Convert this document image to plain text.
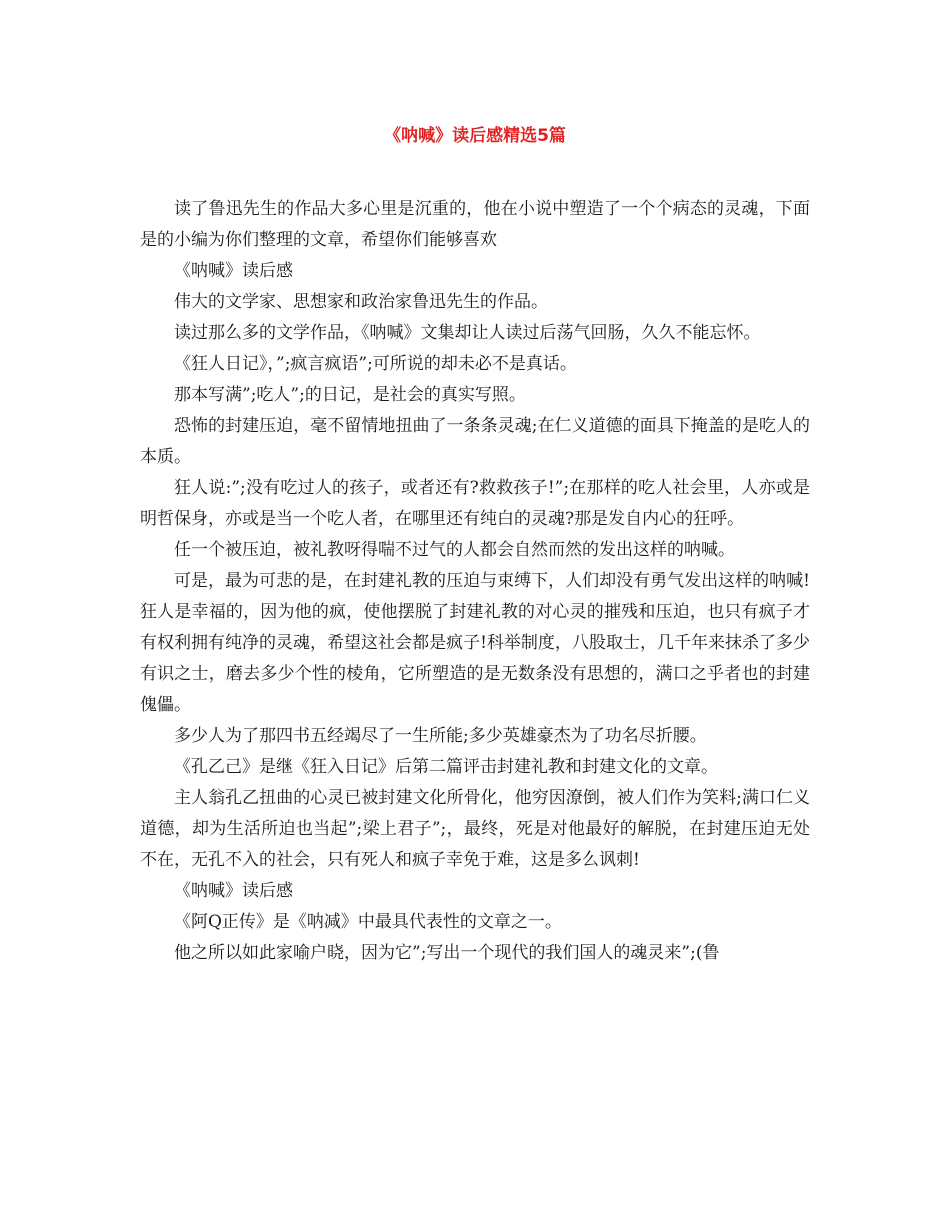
《呐喊》读后感精选5篇

读了鲁迅先生的作品大多心里是沉重的，他在小说中塑造了一个个病态的灵魂，下面是的小编为你们整理的文章，希望你们能够喜欢

《呐喊》读后感

伟大的文学家、思想家和政治家鲁迅先生的作品。

读过那么多的文学作品，《呐喊》文集却让人读过后荡气回肠，久久不能忘怀。

《狂人日记》，”;疯言疯语”;可所说的却未必不是真话。

那本写满”;吃人”;的日记，是社会的真实写照。

恐怖的封建压迫，毫不留情地扭曲了一条条灵魂;在仁义道德的面具下掩盖的是吃人的本质。

狂人说:”;没有吃过人的孩子，或者还有?救救孩子!”;在那样的吃人社会里，人亦或是明哲保身，亦或是当一个吃人者，在哪里还有纯白的灵魂?那是发自内心的狂呼。

任一个被压迫，被礼教呀得喘不过气的人都会自然而然的发出这样的呐喊。

可是，最为可悲的是，在封建礼教的压迫与束缚下，人们却没有勇气发出这样的呐喊!狂人是幸福的，因为他的疯，使他摆脱了封建礼教的对心灵的摧残和压迫，也只有疯子才有权利拥有纯净的灵魂，希望这社会都是疯子!科举制度，八股取士，几千年来抹杀了多少有识之士，磨去多少个性的棱角，它所塑造的是无数条没有思想的，满口之乎者也的封建傀儡。

多少人为了那四书五经竭尽了一生所能;多少英雄豪杰为了功名尽折腰。

《孔乙己》是继《狂入日记》后第二篇评击封建礼教和封建文化的文章。

主人翁孔乙扭曲的心灵已被封建文化所骨化，他穷因潦倒，被人们作为笑料;满口仁义道德，却为生活所迫也当起”;梁上君子”;，最终，死是对他最好的解脱，在封建压迫无处不在，无孔不入的社会，只有死人和疯子幸免于难，这是多么讽刺!

《呐喊》读后感

《阿Q正传》是《呐减》中最具代表性的文章之一。

他之所以如此家喻户晓，因为它”;写出一个现代的我们国人的魂灵来”;(鲁
